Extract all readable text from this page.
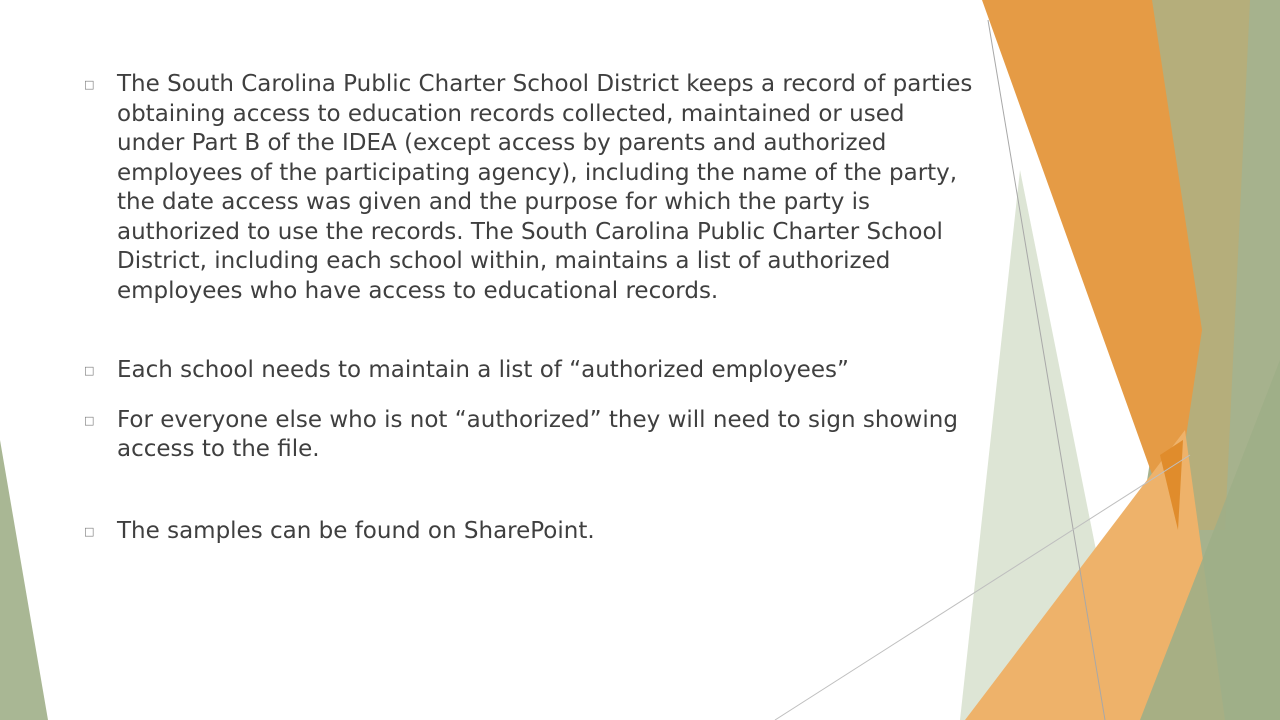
□ The South Carolina Public Charter School District keeps a record of parties obtaining access to education records collected, maintained or used under Part B of the IDEA (except access by parents and authorized employees of the participating agency), including the name of the party, the date access was given and the purpose for which the party is authorized to use the records. The South Carolina Public Charter School District, including each school within, maintains a list of authorized employees who have access to educational records.
□ Each school needs to maintain a list of “authorized employees”
□ For everyone else who is not “authorized” they will need to sign showing access to the file.
□ The samples can be found on SharePoint.
